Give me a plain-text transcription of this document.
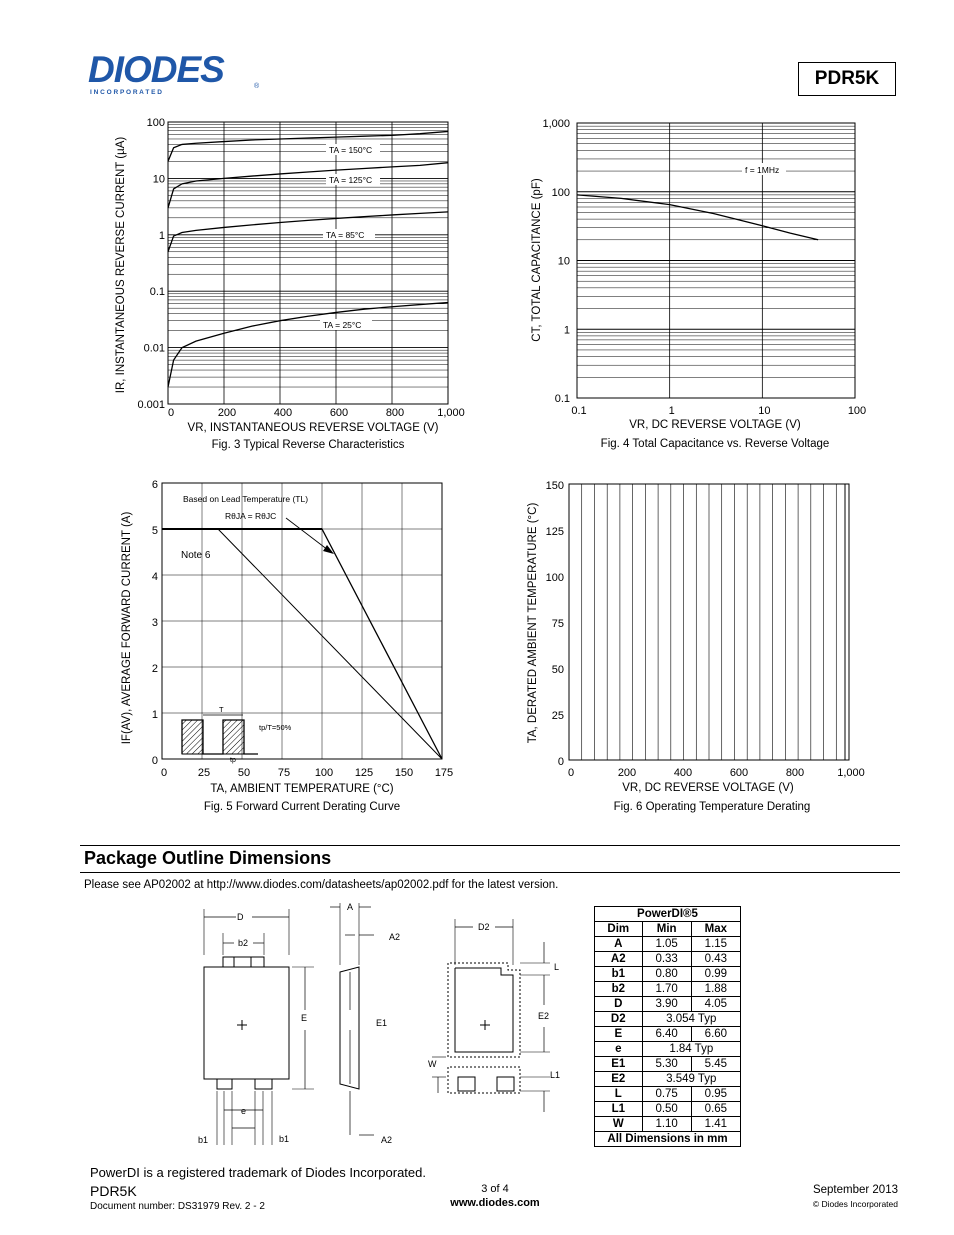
DIODES
I N C O R P O R A T E D
®	PDR5K
100
10
1
0.1
0.01
0.001
0	200	400	600	800	1,000
VR, INSTANTANEOUS REVERSE VOLTAGE (V)
Fig. 3 Typical Reverse Characteristics
IR, INSTANTANEOUS REVERSE CURRENT (µA)	TA = 150°C
TA = 125°C
TA = 85°C
TA = 25°C
1,000
100
10
1
0.1
0.1	1	10	100
f = 1MHz
VR, DC REVERSE VOLTAGE (V)
Fig. 4 Total Capacitance vs. Reverse Voltage
CT, TOTAL CAPACITANCE (pF)
6
5
4
3
2
1
0
0	25	50	75 100 125 150 175
Based on Lead Temperature (TL)
RθJA = RθJC
Note 6
T
tp
tp/T=50%
TA, AMBIENT TEMPERATURE (°C)
Fig. 5 Forward Current Derating Curve
IF(AV), AVERAGE FORWARD CURRENT (A)
150
125
100
75
50
25
0
0	200	400	600	800	1,000
VR, DC REVERSE VOLTAGE (V)
Fig. 6 Operating Temperature Derating
TA, DERATED AMBIENT TEMPERATURE (°C)
Package Outline Dimensions
Please see AP02002 at http://www.diodes.com/datasheets/ap02002.pdf for the latest version.
D
b2
E
e
b1	b1
A
A2
E1
A2
D2
L
E2
W
L1
PowerDI®5		
Dim	Min	Max
A	1.05	1.15
A2	0.33	0.43
b1	0.80	0.99
b2	1.70	1.88
D	3.90	4.05
D2	3.054 Typ	
E	6.40	6.60
e	1.84 Typ	
E1	5.30	5.45
E2	3.549 Typ	
L	0.75	0.95
L1	0.50	0.65
W	1.10	1.41
All Dimensions in mm		
PowerDI is a registered trademark of Diodes Incorporated.
PDR5K
Document number: DS31979 Rev. 2 - 2
3 of 4
www.diodes.com
September 2013
© Diodes Incorporated
